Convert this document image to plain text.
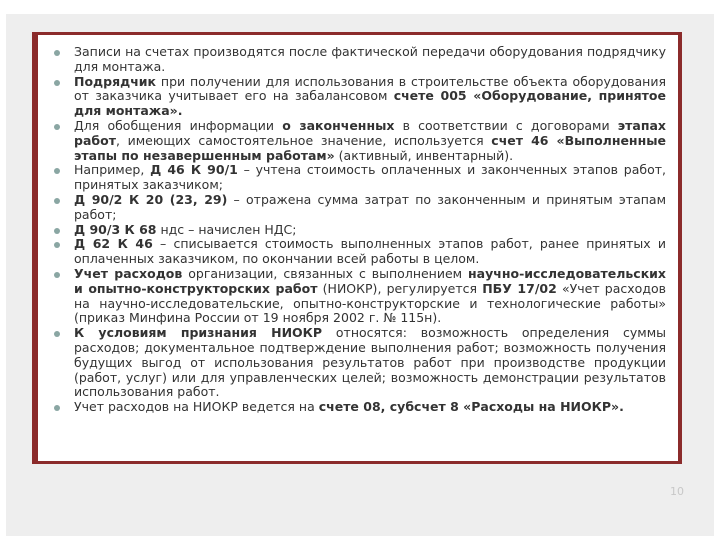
Записи на счетах производятся после фактической передачи оборудования подрядчику для монтажа.
Подрядчик при получении для использования в строительстве объекта оборудования от заказчика учитывает его на забалансовом счете 005 «Оборудование, принятое для монтажа».
Для обобщения информации о законченных в соответствии с договорами этапах работ, имеющих самостоятельное значение, используется счет 46 «Выполненные этапы по незавершенным работам» (активный, инвентарный).
Например, Д 46 К 90/1 – учтена стоимость оплаченных и законченных этапов работ, принятых заказчиком;
Д 90/2 К 20 (23, 29) – отражена сумма затрат по законченным и принятым этапам работ;
Д 90/3 К 68 ндс – начислен НДС;
Д 62 К 46 – списывается стоимость выполненных этапов работ, ранее принятых и оплаченных заказчиком, по окончании всей работы в целом.
Учет расходов организации, связанных с выполнением научно-исследовательских и опытно-конструкторских работ (НИОКР), регулируется ПБУ 17/02 «Учет расходов на научно-исследовательские, опытно-конструкторские и технологические работы» (приказ Минфина России от 19 ноября 2002 г. № 115н).
К условиям признания НИОКР относятся: возможность определения суммы расходов; документальное подтверждение выполнения работ; возможность получения будущих выгод от использования результатов работ при производстве продукции (работ, услуг) или для управленческих целей; возможность демонстрации результатов использования работ.
Учет расходов на НИОКР ведется на счете 08, субсчет 8 «Расходы на НИОКР».
10
